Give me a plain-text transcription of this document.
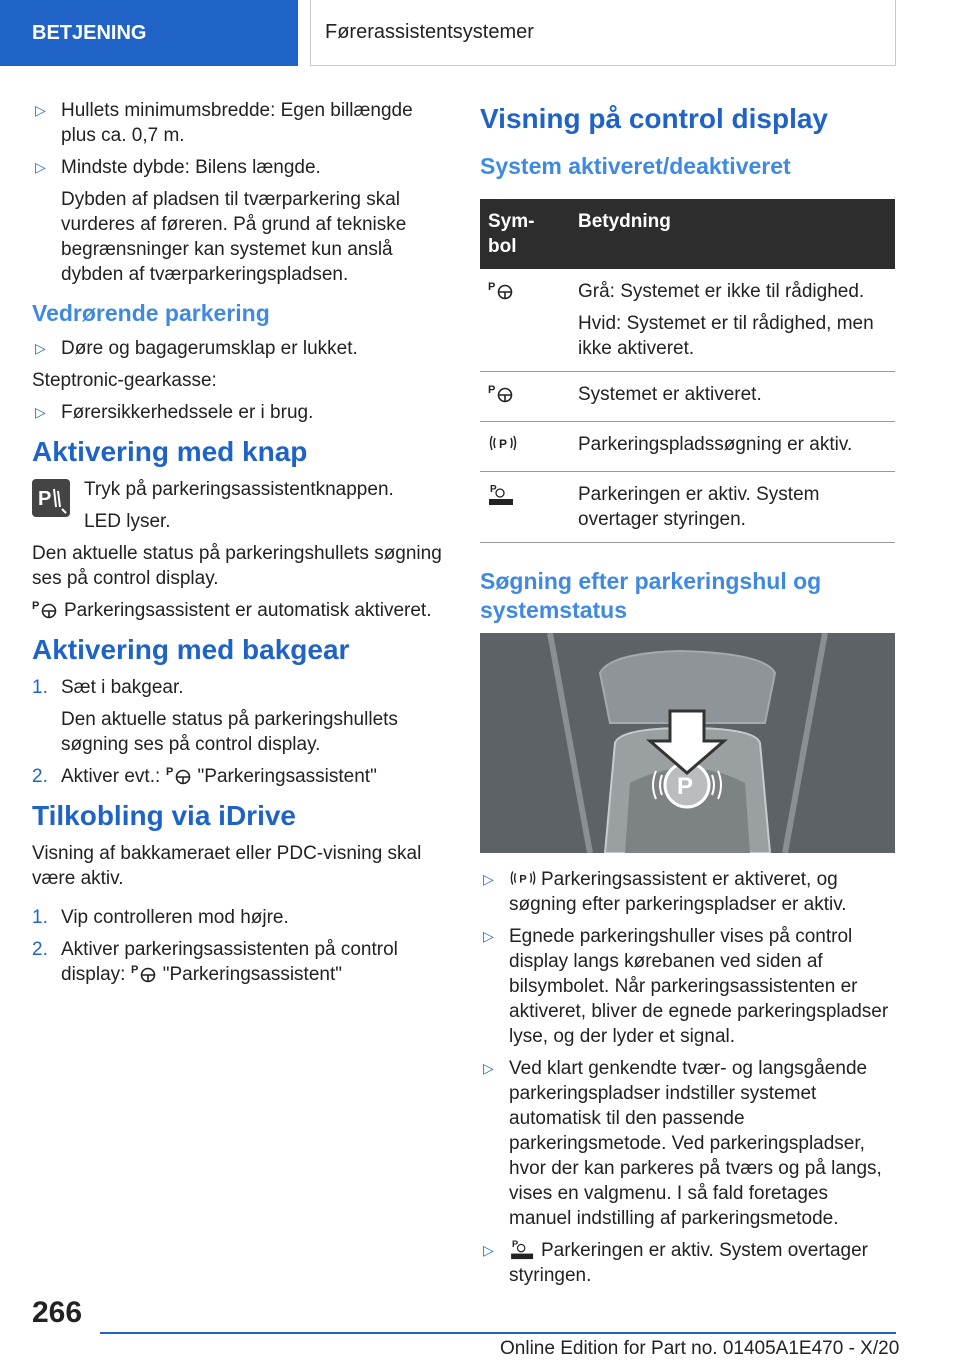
BETJENING	Førerassistentsystemer
▷ Hullets minimumsbredde: Egen billængde plus ca. 0,7 m.
▷ Mindste dybde: Bilens længde.

Dybden af pladsen til tværparkering skal vurderes af føreren. På grund af tekniske begrænsninger kan systemet kun anslå dybden af tværparkeringspladsen.

Vedrørende parkering
▷ Døre og bagagerumsklap er lukket.

Steptronic-gearkasse:

▷ Førersikkerhedssele er i brug.
Aktivering med knap
P Tryk på parkeringsassistentknappen.

LED lyser.

Den aktuelle status på parkeringshullets søgning ses på control display.

P Parkeringsassistent er automatisk aktiveret.

Aktivering med bakgear
1. Sæt i bakgear.

Den aktuelle status på parkeringshullets søgning ses på control display.

2. Aktiver evt.: P "Parkeringsassistent"
Tilkobling via iDrive

Visning af bakkameraet eller PDC-visning skal være aktiv.

1. Vip controlleren mod højre.
2. Aktiver parkeringsassistenten på control display: P "Parkeringsassistent"
Visning på control display
System aktiveret/deaktiveret
Sym-bol	Betydning

P	Grå: Systemet er ikke til rådighed.

Hvid: Systemet er til rådighed, men ikke aktiveret.

P	Systemet er aktiveret.

P	Parkeringspladssøgning er aktiv.

P	Parkeringen er aktiv. System overtager styringen.
Søgning efter parkeringshul og systemstatus
P
▷	P Parkeringsassistent er aktiveret, og søgning efter parkeringspladser er aktiv.
▷ Egnede parkeringshuller vises på control display langs kørebanen ved siden af bilsymbolet. Når parkeringsassistenten er aktiveret, bliver de egnede parkeringspladser lyse, og der lyder et signal.
▷ Ved klart genkendte tvær- og langsgående parkeringspladser indstiller systemet automatisk til den passende parkeringsmetode. Ved parkeringspladser, hvor der kan parkeres på tværs og på langs, vises en valgmenu. I så fald foretages manuel indstilling af parkeringsmetode.
▷	P Parkeringen er aktiv. System overtager styringen.
266
Online Edition for Part no. 01405A1E470 - X/20
